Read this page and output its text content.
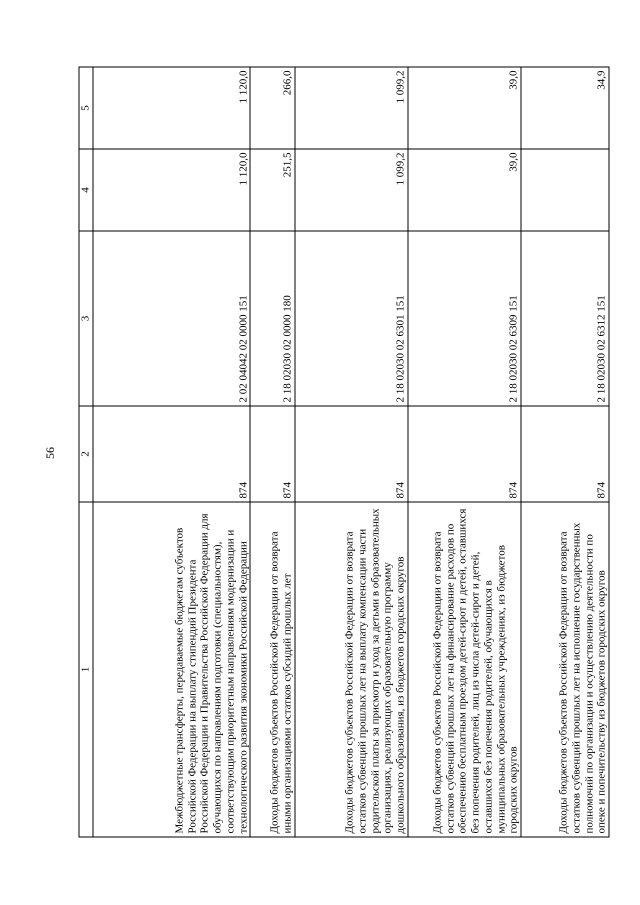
56
1	2	3	4	5
Межбюджетные трансферты, передаваемые бюджетам субъектов Российской Федерации на выплату стипендий Президента Российской Федерации и Правительства Российской Федерации для обучающихся по направлениям подготовки (специальностям), соответствующим приоритетным направлениям модернизации и технологического развития экономики Российской Федерации	874	2 02 04042 02 0000 151	1 120,0	1 120,0
Доходы бюджетов субъектов Российской Федерации от возврата иными организациями остатков субсидий прошлых лет	874	2 18 02030 02 0000 180	251,5	266,0
Доходы бюджетов субъектов Российской Федерации от возврата остатков субвенций прошлых лет на выплату компенсации части родительской платы за присмотр и уход за детьми в образовательных организациях, реализующих образовательную программу дошкольного образования, из бюджетов городских округов	874	2 18 02030 02 6301 151	1 099,2	1 099,2
Доходы бюджетов субъектов Российской Федерации от возврата остатков субвенций прошлых лет на финансирование расходов по обеспечению бесплатным проездом детей-сирот и детей, оставшихся без попечения родителей, лиц из числа детей-сирот и детей, оставшихся без попечения родителей, обучающихся в муниципальных образовательных учреждениях, из бюджетов городских округов	874	2 18 02030 02 6309 151	39,0	39,0
Доходы бюджетов субъектов Российской Федерации от возврата остатков субвенций прошлых лет на исполнение государственных полномочий по организации и осуществлению деятельности по опеке и попечительству из бюджетов городских округов	874	2 18 02030 02 6312 151		34,9
